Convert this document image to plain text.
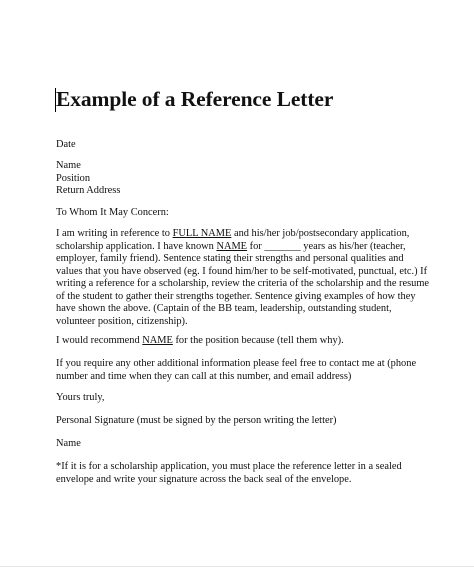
Example of a Reference Letter

Date

Name
Position
Return Address

To Whom It May Concern:

I am writing in reference to FULL NAME and his/her job/postsecondary application,
scholarship application. I have known NAME for _______ years as his/her (teacher,
employer, family friend). Sentence stating their strengths and personal qualities and
values that you have observed (eg. I found him/her to be self-motivated, punctual, etc.) If
writing a reference for a scholarship, review the criteria of the scholarship and the resume
of the student to gather their strengths together. Sentence giving examples of how they
have shown the above. (Captain of the BB team, leadership, outstanding student,
volunteer position, citizenship).

I would recommend NAME for the position because (tell them why).

If you require any other additional information please feel free to contact me at (phone
number and time when they can call at this number, and email address)

Yours truly,

Personal Signature (must be signed by the person writing the letter)

Name

*If it is for a scholarship application, you must place the reference letter in a sealed
envelope and write your signature across the back seal of the envelope.
